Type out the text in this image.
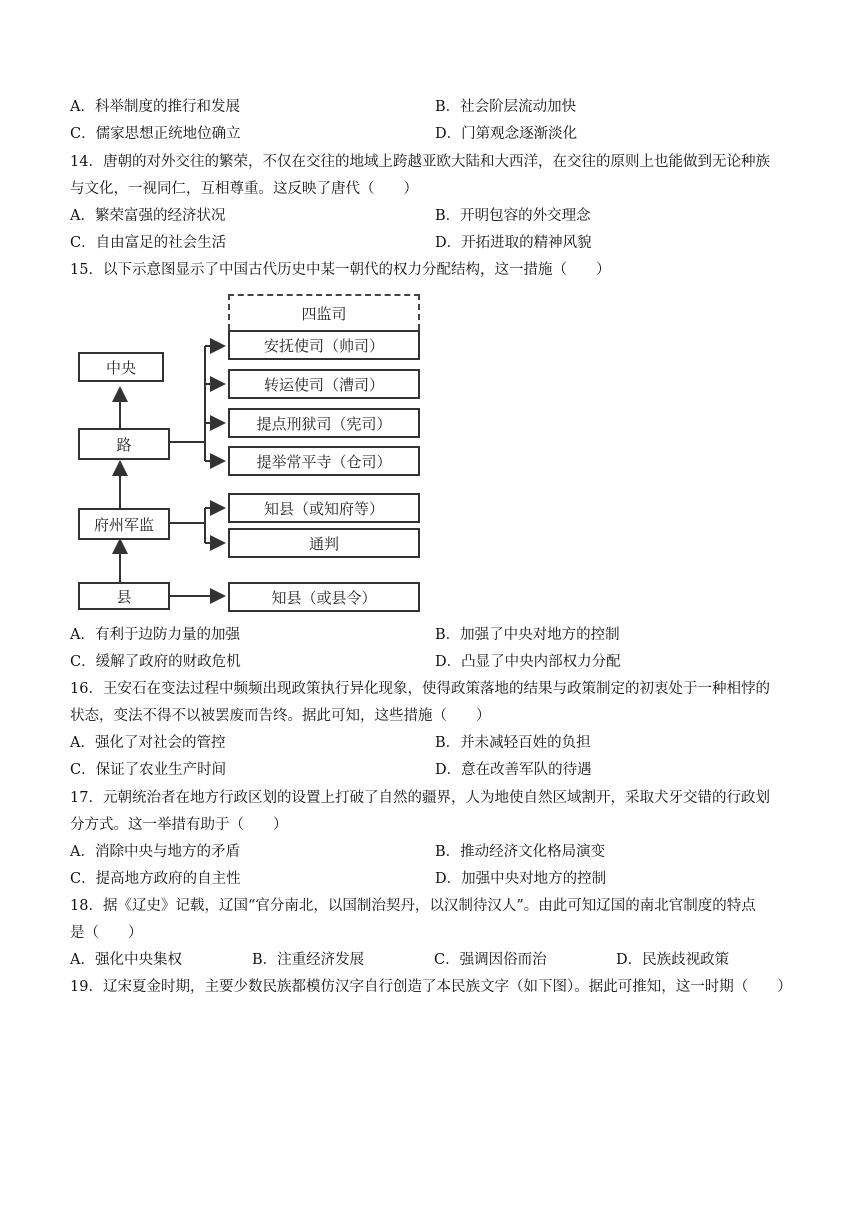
A．科举制度的推行和发展	B．社会阶层流动加快
C．儒家思想正统地位确立	D．门第观念逐渐淡化
14．唐朝的对外交往的繁荣，不仅在交往的地域上跨越亚欧大陆和大西洋，在交往的原则上也能做到无论种族
与文化，一视同仁，互相尊重。这反映了唐代（　　）
A．繁荣富强的经济状况	B．开明包容的外交理念
C．自由富足的社会生活	D．开拓进取的精神风貌
15．以下示意图显示了中国古代历史中某一朝代的权力分配结构，这一措施（　　）
中央
路
府州军监
县
四监司
安抚使司（帅司）
转运使司（漕司）
提点刑狱司（宪司）
提举常平寺（仓司）
知县（或知府等）
通判
知县（或县令）
A．有利于边防力量的加强	B．加强了中央对地方的控制
C．缓解了政府的财政危机	D．凸显了中央内部权力分配
16．王安石在变法过程中频频出现政策执行异化现象，使得政策落地的结果与政策制定的初衷处于一种相悖的
状态，变法不得不以被罢废而告终。据此可知，这些措施（　　）
A．强化了对社会的管控	B．并未减轻百姓的负担
C．保证了农业生产时间	D．意在改善军队的待遇
17．元朝统治者在地方行政区划的设置上打破了自然的疆界，人为地使自然区域割开，采取犬牙交错的行政划
分方式。这一举措有助于（　　）
A．消除中央与地方的矛盾	B．推动经济文化格局演变
C．提高地方政府的自主性	D．加强中央对地方的控制
18．据《辽史》记载，辽国“官分南北，以国制治契丹，以汉制待汉人”。由此可知辽国的南北官制度的特点
是（　　）
A．强化中央集权	B．注重经济发展	C．强调因俗而治	D．民族歧视政策
19．辽宋夏金时期，主要少数民族都模仿汉字自行创造了本民族文字（如下图）。据此可推知，这一时期（　　）
